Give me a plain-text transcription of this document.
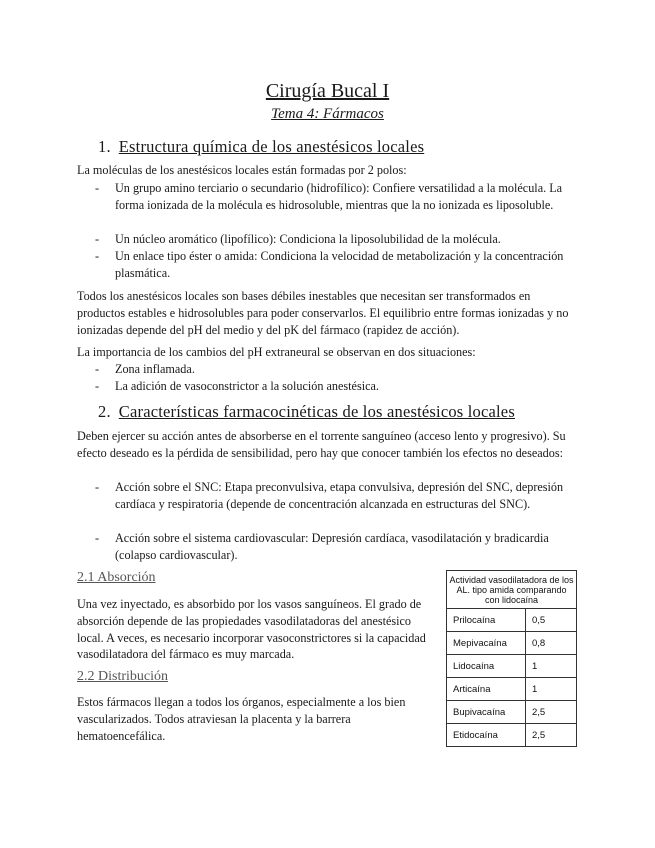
Cirugía Bucal I
Tema 4: Fármacos
1. Estructura química de los anestésicos locales

La moléculas de los anestésicos locales están formadas por 2 polos:

- Un grupo amino terciario o secundario (hidrofílico): Confiere versatilidad a la molécula. La forma ionizada de la molécula es hidrosoluble, mientras que la no ionizada es liposoluble.
- Un núcleo aromático (lipofílico): Condiciona la liposolubilidad de la molécula.
- Un enlace tipo éster o amida: Condiciona la velocidad de metabolización y la concentración plasmática.

Todos los anestésicos locales son bases débiles inestables que necesitan ser transformados en productos estables e hidrosolubles para poder conservarlos. El equilibrio entre formas ionizadas y no ionizadas depende del pH del medio y del pK del fármaco (rapidez de acción).

La importancia de los cambios del pH extraneural se observan en dos situaciones:

- Zona inflamada.
- La adición de vasoconstrictor a la solución anestésica.
2. Características farmacocinéticas de los anestésicos locales

Deben ejercer su acción antes de absorberse en el torrente sanguíneo (acceso lento y progresivo). Su efecto deseado es la pérdida de sensibilidad, pero hay que conocer también los efectos no deseados:

- Acción sobre el SNC: Etapa preconvulsiva, etapa convulsiva, depresión del SNC, depresión cardíaca y respiratoria (depende de concentración alcanzada en estructuras del SNC).
- Acción sobre el sistema cardiovascular: Depresión cardíaca, vasodilatación y bradicardia (colapso cardiovascular).
2.1 Absorción

Una vez inyectado, es absorbido por los vasos sanguíneos. El grado de absorción depende de las propiedades vasodilatadoras del anestésico local. A veces, es necesario incorporar vasoconstrictores si la capacidad vasodilatadora del fármaco es muy marcada.

2.2 Distribución

Estos fármacos llegan a todos los órganos, especialmente a los bien vascularizados. Todos atraviesan la placenta y la barrera hematoencefálica.

Actividad vasodilatadora de los AL. tipo amida comparando con lidocaína	
Prilocaína	0,5
Mepivacaína	0,8
Lidocaína	1
Articaína	1
Bupivacaína	2,5
Etidocaína	2,5
